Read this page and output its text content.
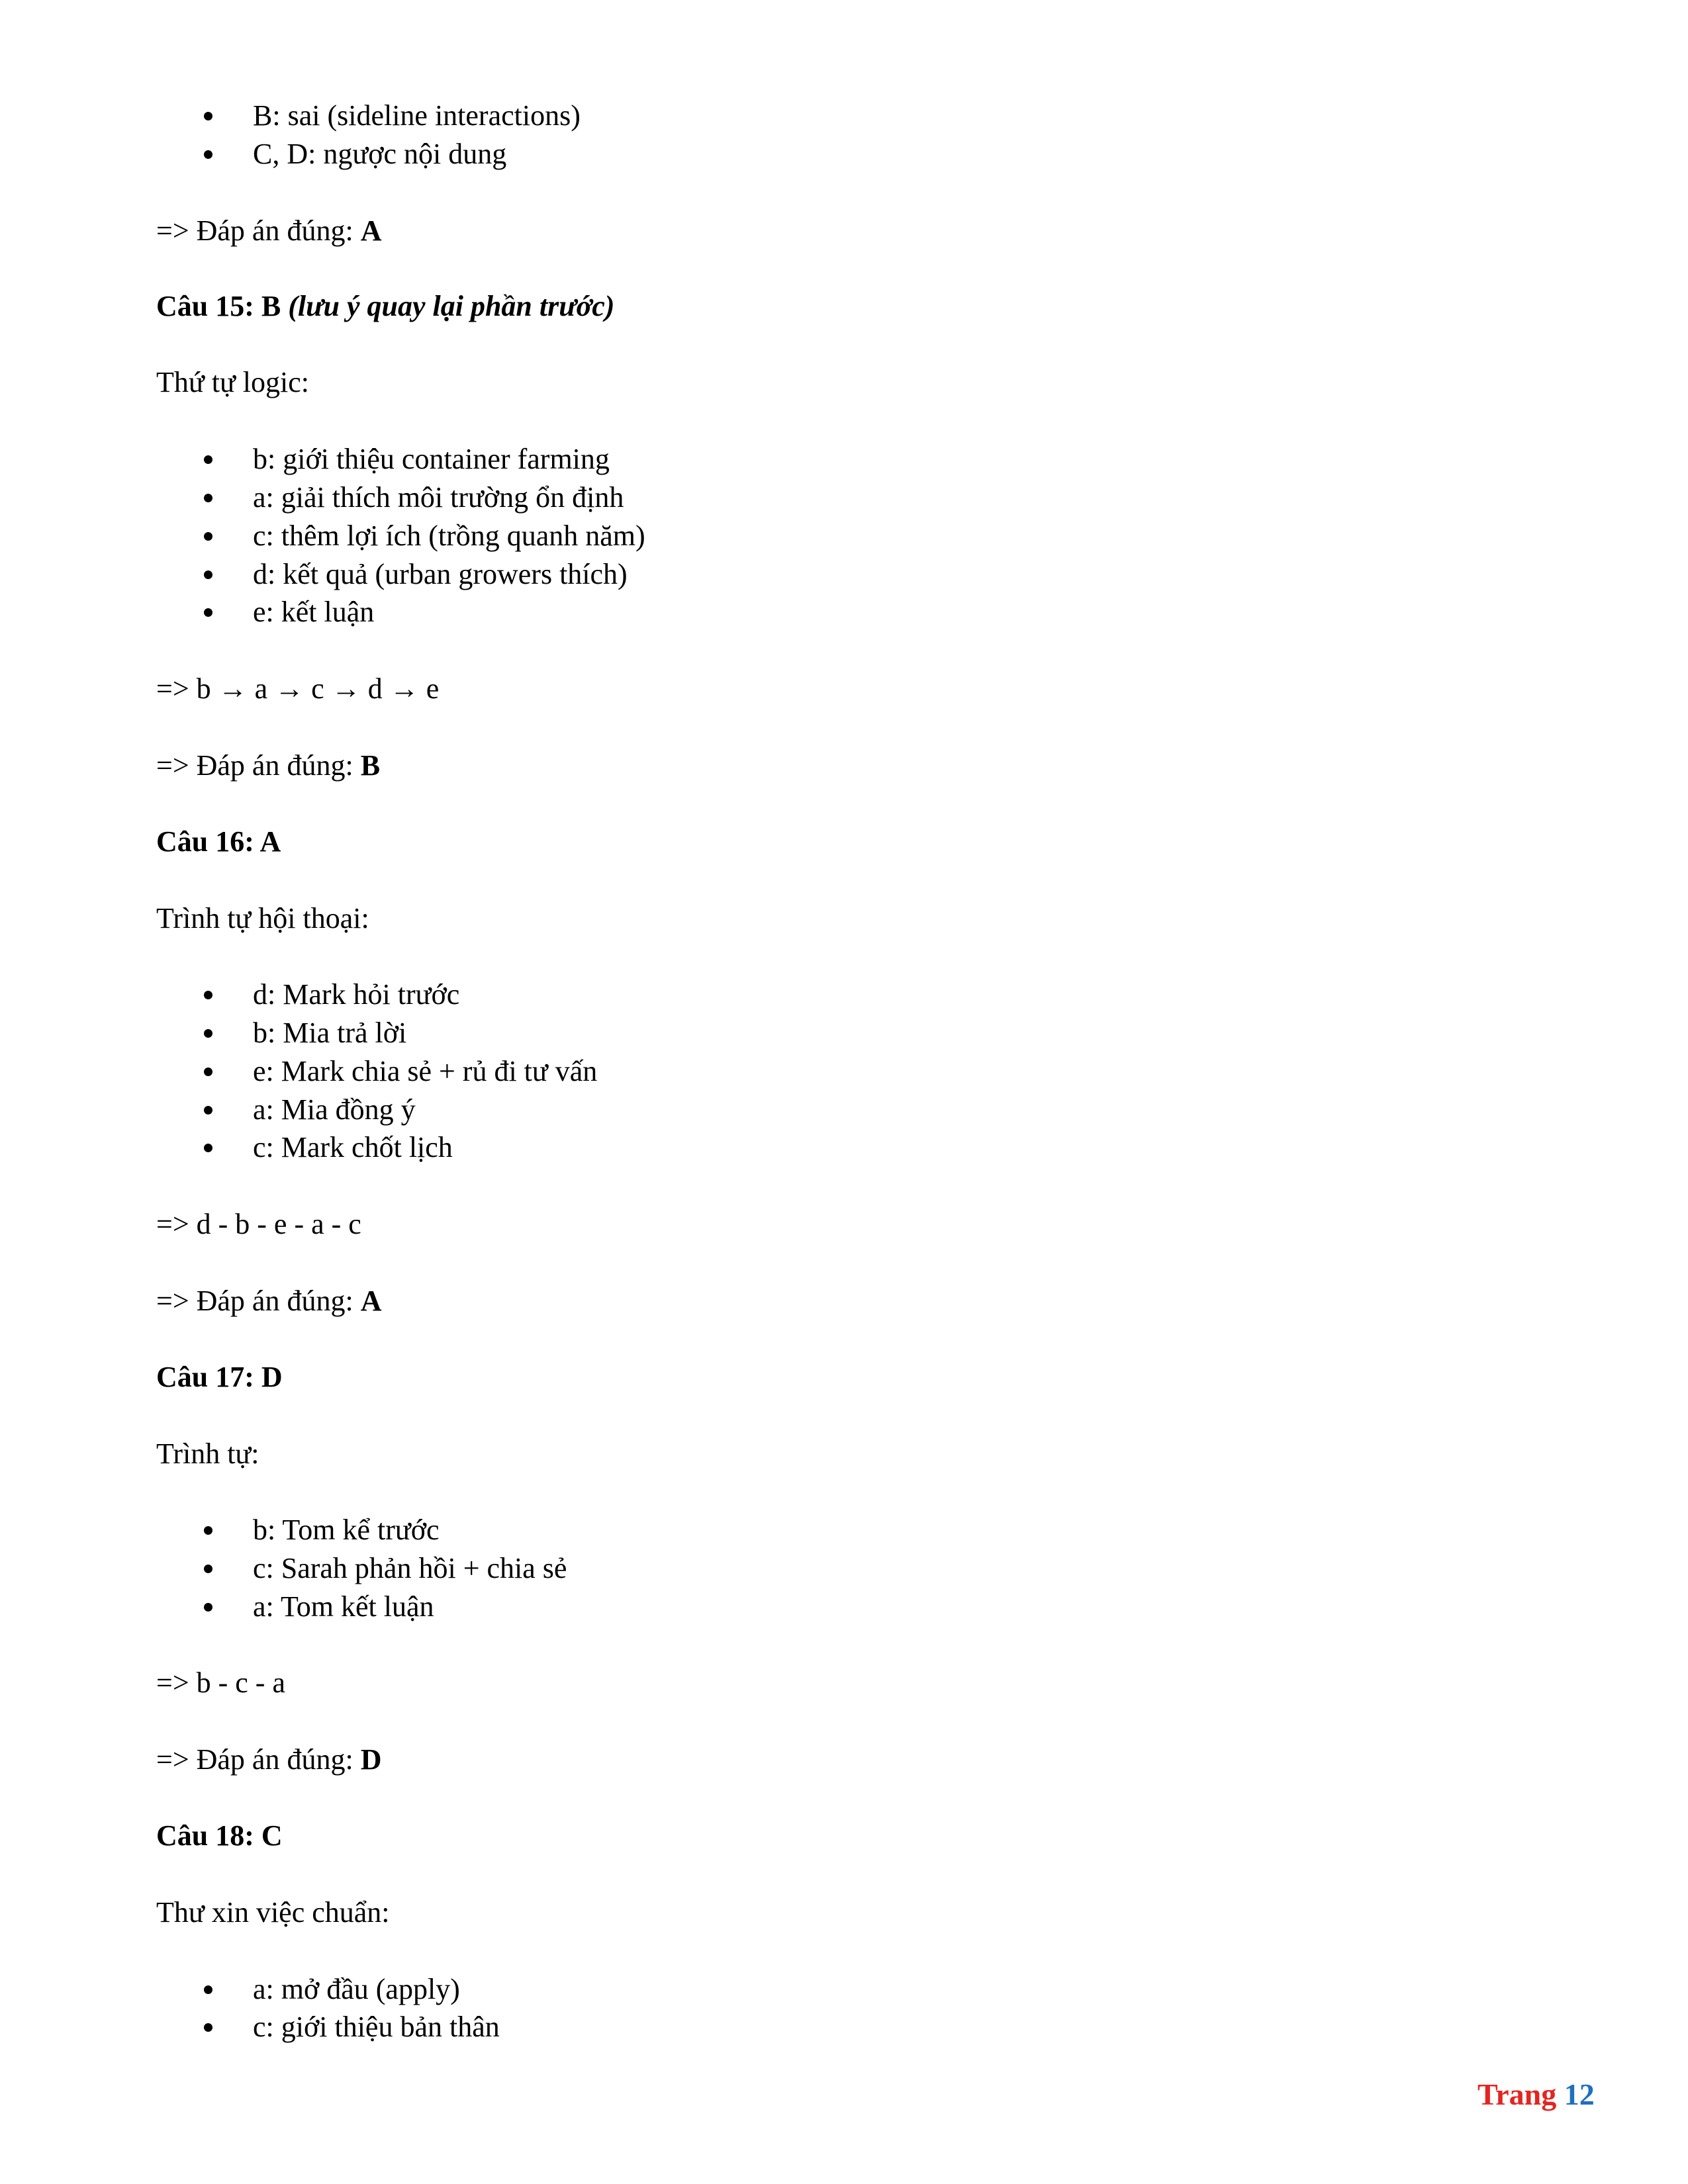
B: sai (sideline interactions)
C, D: ngược nội dung
=> Đáp án đúng: A
Câu 15: B (lưu ý quay lại phần trước)
Thứ tự logic:
b: giới thiệu container farming
a: giải thích môi trường ổn định
c: thêm lợi ích (trồng quanh năm)
d: kết quả (urban growers thích)
e: kết luận
=> b → a → c → d → e
=> Đáp án đúng: B
Câu 16: A
Trình tự hội thoại:
d: Mark hỏi trước
b: Mia trả lời
e: Mark chia sẻ + rủ đi tư vấn
a: Mia đồng ý
c: Mark chốt lịch
=> d - b - e - a - c
=> Đáp án đúng: A
Câu 17: D
Trình tự:
b: Tom kể trước
c: Sarah phản hồi + chia sẻ
a: Tom kết luận
=> b - c - a
=> Đáp án đúng: D
Câu 18: C
Thư xin việc chuẩn:
a: mở đầu (apply)
c: giới thiệu bản thân
Trang 12
